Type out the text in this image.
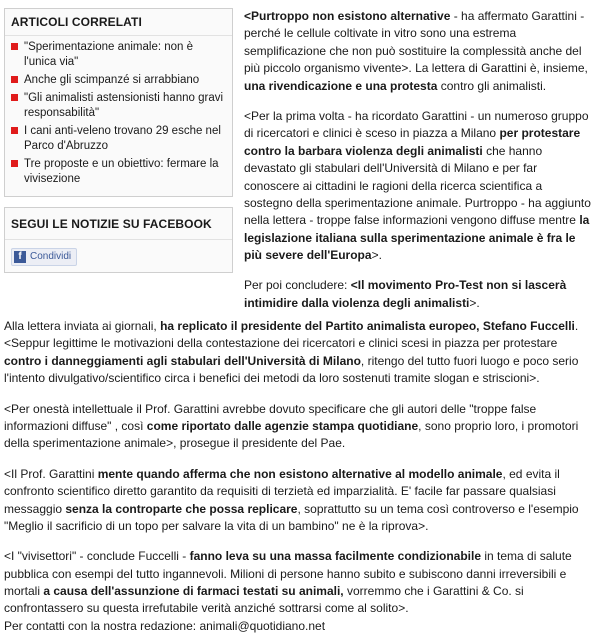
ARTICOLI CORRELATI
"Sperimentazione animale: non è l'unica via"
Anche gli scimpanzé si arrabbiano
"Gli animalisti astensionisti hanno gravi responsabilità"
I cani anti-veleno trovano 29 esche nel Parco d'Abruzzo
Tre proposte e un obiettivo: fermare la vivisezione
SEGUI LE NOTIZIE SU FACEBOOK
f Condividi

<Purtroppo non esistono alternative - ha affermato Garattini - perché le cellule coltivate in vitro sono una estrema semplificazione che non può sostituire la complessità anche del più piccolo organismo vivente>. La lettera di Garattini è, insieme, una rivendicazione e una protesta contro gli animalisti.

<Per la prima volta - ha ricordato Garattini - un numeroso gruppo di ricercatori e clinici è sceso in piazza a Milano per protestare contro la barbara violenza degli animalisti che hanno devastato gli stabulari dell'Università di Milano e per far conoscere ai cittadini le ragioni della ricerca scientifica a sostegno della sperimentazione animale. Purtroppo - ha aggiunto nella lettera - troppe false informazioni vengono diffuse mentre la legislazione italiana sulla sperimentazione animale è fra le più severe dell'Europa>.

Per poi concludere: <Il movimento Pro-Test non si lascerà intimidire dalla violenza degli animalisti>.

Alla lettera inviata ai giornali, ha replicato il presidente del Partito animalista europeo, Stefano Fuccelli. <Seppur legittime le motivazioni della contestazione dei ricercatori e clinici scesi in piazza per protestare contro i danneggiamenti agli stabulari dell'Università di Milano, ritengo del tutto fuori luogo e poco serio l'intento divulgativo/scientifico circa i benefici dei metodi da loro sostenuti tramite slogan e striscioni>.

<Per onestà intellettuale il Prof. Garattini avrebbe dovuto specificare che gli autori delle "troppe false informazioni diffuse" , così come riportato dalle agenzie stampa quotidiane, sono proprio loro, i promotori della sperimentazione animale>, prosegue il presidente del Pae.

<Il Prof. Garattini mente quando afferma che non esistono alternative al modello animale, ed evita il confronto scientifico diretto garantito da requisiti di terzietà ed imparzialità. E' facile far passare qualsiasi messaggio senza la controparte che possa replicare, soprattutto su un tema così controverso e l'esempio "Meglio il sacrificio di un topo per salvare la vita di un bambino" ne è la riprova>.

<I "vivisettori" - conclude Fuccelli - fanno leva su una massa facilmente condizionabile in tema di salute pubblica con esempi del tutto ingannevoli. Milioni di persone hanno subito e subiscono danni irreversibili e mortali a causa dell'assunzione di farmaci testati su animali, vorremmo che i Garattini & Co. si confrontassero su questa irrefutabile verità anziché sottrarsi come al solito>.

Per contatti con la nostra redazione: animali@quotidiano.net
